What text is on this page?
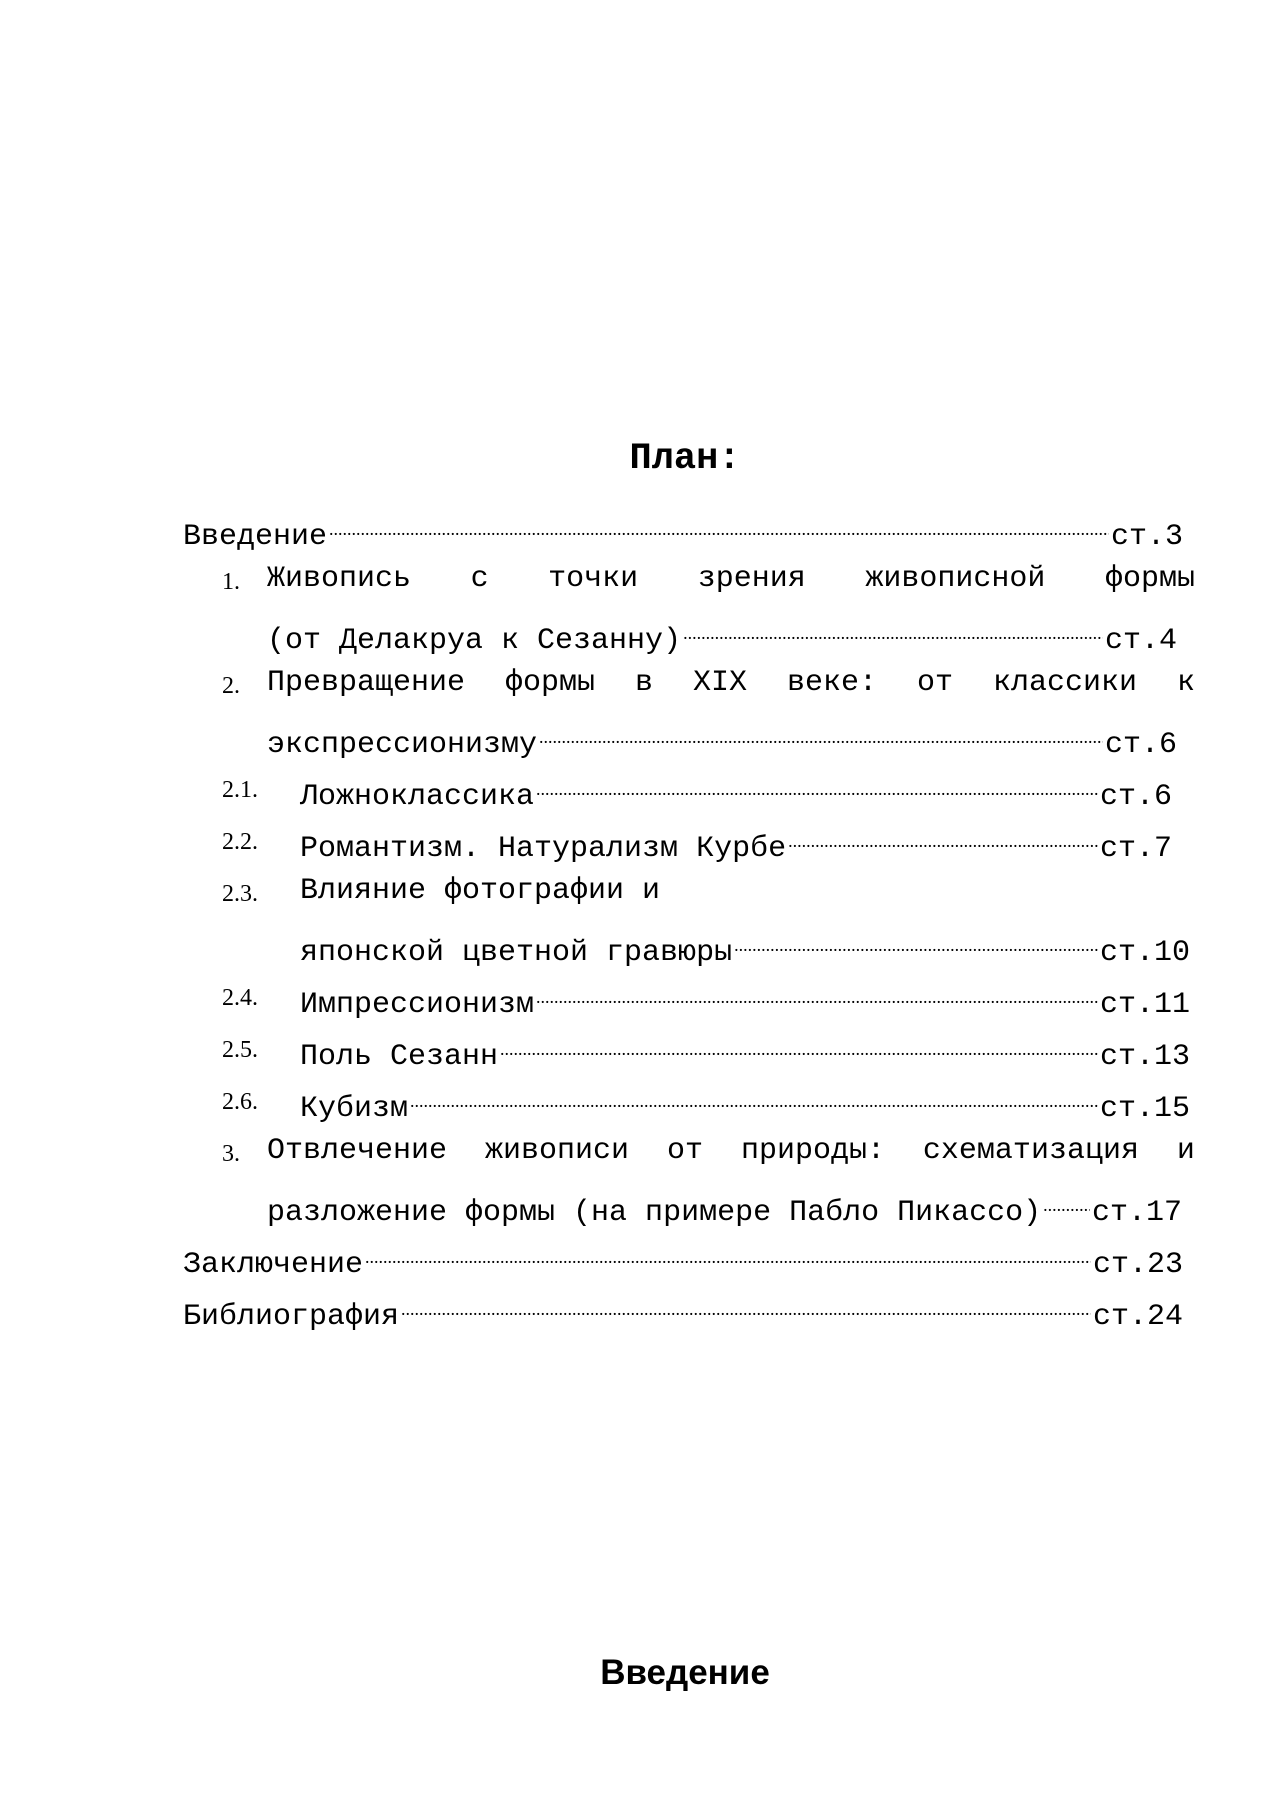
План:
Введение .....	ст.3
1. Живопись с точки зрения живописной формы
(от Делакруа к Сезанну) .....	ст.4
2. Превращение формы в XIX веке: от классики к
экспрессионизму .....	ст.6
2.1. Ложноклассика .....	ст.6
2.2. Романтизм. Натурализм Курбе .....	ст.7
2.3. Влияние фотографии и
японской цветной гравюры .....	ст.10
2.4. Импрессионизм .....	ст.11
2.5. Поль Сезанн .....	ст.13
2.6. Кубизм .....	ст.15
3. Отвлечение живописи от природы: схематизация и
разложение формы (на примере Пабло Пикассо) ..... ст.17
Заключение .....	ст.23
Библиография .....	ст.24
Введение
